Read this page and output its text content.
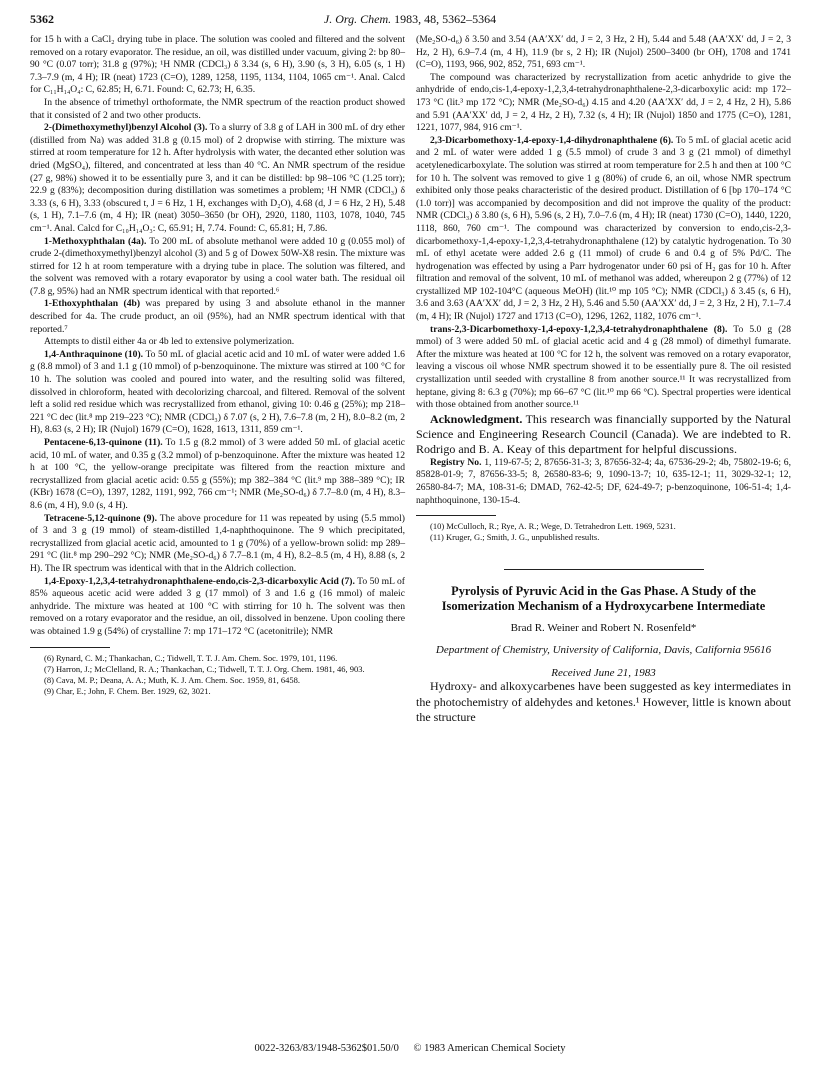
5362	J. Org. Chem. 1983, 48, 5362–5364

for 15 h with a CaCl₂ drying tube in place. The solution was cooled and filtered and the solvent removed on a rotary evaporator. The residue, an oil, was distilled under vacuum, giving 2: bp 80–90 °C (0.07 torr); 31.8 g (97%); ¹H NMR (CDCl₃) δ 3.34 (s, 6 H), 3.90 (s, 3 H), 6.05 (s, 1 H) 7.3–7.9 (m, 4 H); IR (neat) 1723 (C=O), 1289, 1258, 1195, 1134, 1104, 1065 cm⁻¹. Anal. Calcd for C₁₁H₁₄O₄: C, 62.85; H, 6.71. Found: C, 62.73; H, 6.35.

In the absence of trimethyl orthoformate, the NMR spectrum of the reaction product showed that it consisted of 2 and two other products.

2-(Dimethoxymethyl)benzyl Alcohol (3). To a slurry of 3.8 g of LAH in 300 mL of dry ether (distilled from Na) was added 31.8 g (0.15 mol) of 2 dropwise with stirring. The mixture was stirred at room temperature for 12 h. After hydrolysis with water, the decanted ether solution was dried (MgSO₄), filtered, and concentrated at less than 40 °C. An NMR spectrum of the residue (27 g, 98%) showed it to be essentially pure 3, and it can be distilled: bp 98–106 °C (1.25 torr); 22.9 g (83%); decomposition during distillation was sometimes a problem; ¹H NMR (CDCl₃) δ 3.33 (s, 6 H), 3.33 (obscured t, J = 6 Hz, 1 H, exchanges with D₂O), 4.68 (d, J = 6 Hz, 2 H), 5.48 (s, 1 H), 7.1–7.6 (m, 4 H); IR (neat) 3050–3650 (br OH), 2920, 1180, 1103, 1078, 1040, 745 cm⁻¹. Anal. Calcd for C₁₀H₁₄O₃: C, 65.91; H, 7.74. Found: C, 65.81; H, 7.86.

1-Methoxyphthalan (4a). To 200 mL of absolute methanol were added 10 g (0.055 mol) of crude 2-(dimethoxymethyl)benzyl alcohol (3) and 5 g of Dowex 50W-X8 resin. The mixture was stirred for 12 h at room temperature with a drying tube in place. The solution was filtered, and the solvent was removed with a rotary evaporator by using a cool water bath. The residual oil (7.8 g, 95%) had an NMR spectrum identical with that reported.⁶

1-Ethoxyphthalan (4b) was prepared by using 3 and absolute ethanol in the manner described for 4a. The crude product, an oil (95%), had an NMR spectrum identical with that reported.⁷

Attempts to distil either 4a or 4b led to extensive polymerization.

1,4-Anthraquinone (10). To 50 mL of glacial acetic acid and 10 mL of water were added 1.6 g (8.8 mmol) of 3 and 1.1 g (10 mmol) of p-benzoquinone. The mixture was stirred at 100 °C for 10 h. The solution was cooled and poured into water, and the resulting solid was filtered, dissolved in chloroform, heated with decolorizing charcoal, and filtered. Removal of the solvent left a solid red residue which was recrystallized from ethanol, giving 10: 0.46 g (25%); mp 218–221 °C dec (lit.⁸ mp 219–223 °C); NMR (CDCl₃) δ 7.07 (s, 2 H), 7.6–7.8 (m, 2 H), 8.0–8.2 (m, 2 H), 8.63 (s, 2 H); IR (Nujol) 1679 (C=O), 1628, 1613, 1311, 859 cm⁻¹.

Pentacene-6,13-quinone (11). To 1.5 g (8.2 mmol) of 3 were added 50 mL of glacial acetic acid, 10 mL of water, and 0.35 g (3.2 mmol) of p-benzoquinone. After the mixture was heated 12 h at 100 °C, the yellow-orange precipitate was filtered from the reaction mixture and recrystallized from glacial acetic acid: 0.55 g (55%); mp 382–384 °C (lit.⁹ mp 388–389 °C); IR (KBr) 1678 (C=O), 1397, 1282, 1191, 992, 766 cm⁻¹; NMR (Me₂SO-d₆) δ 7.7–8.0 (m, 4 H), 8.3–8.6 (m, 4 H), 9.0 (s, 4 H).

Tetracene-5,12-quinone (9). The above procedure for 11 was repeated by using (5.5 mmol) of 3 and 3 g (19 mmol) of steam-distilled 1,4-naphthoquinone. The 9 which precipitated, recrystallized from glacial acetic acid, amounted to 1 g (70%) of a yellow-brown solid: mp 289–291 °C (lit.⁸ mp 290–292 °C); NMR (Me₂SO-d₆) δ 7.7–8.1 (m, 4 H), 8.2–8.5 (m, 4 H), 8.88 (s, 2 H). The IR spectrum was identical with that in the Aldrich collection.

1,4-Epoxy-1,2,3,4-tetrahydronaphthalene-endo,cis-2,3-dicarboxylic Acid (7). To 50 mL of 85% aqueous acetic acid were added 3 g (17 mmol) of 3 and 1.6 g (16 mmol) of maleic anhydride. The mixture was heated at 100 °C with stirring for 10 h. The solvent was then removed on a rotary evaporator and the residue, an oil, dissolved in benzene. Upon cooling there was obtained 1.9 g (54%) of crystalline 7: mp 171–172 °C (acetonitrile); NMR

(6) Rynard, C. M.; Thankachan, C.; Tidwell, T. T. J. Am. Chem. Soc. 1979, 101, 1196.

(7) Harron, J.; McClelland, R. A.; Thankachan, C.; Tidwell, T. T. J. Org. Chem. 1981, 46, 903.

(8) Cava, M. P.; Deana, A. A.; Muth, K. J. Am. Chem. Soc. 1959, 81, 6458.

(9) Char, E.; John, F. Chem. Ber. 1929, 62, 3021.

(Me₂SO-d₆) δ 3.50 and 3.54 (AA′XX′ dd, J = 2, 3 Hz, 2 H), 5.44 and 5.48 (AA′XX′ dd, J = 2, 3 Hz, 2 H), 6.9–7.4 (m, 4 H), 11.9 (br s, 2 H); IR (Nujol) 2500–3400 (br OH), 1708 and 1741 (C=O), 1193, 966, 902, 852, 751, 693 cm⁻¹.

The compound was characterized by recrystallization from acetic anhydride to give the anhydride of endo,cis-1,4-epoxy-1,2,3,4-tetrahydronaphthalene-2,3-dicarboxylic acid: mp 172–173 °C (lit.³ mp 172 °C); NMR (Me₂SO-d₆) 4.15 and 4.20 (AA′XX′ dd, J = 2, 4 Hz, 2 H), 5.86 and 5.91 (AA′XX′ dd, J = 2, 4 Hz, 2 H), 7.32 (s, 4 H); IR (Nujol) 1850 and 1775 (C=O), 1281, 1221, 1077, 984, 916 cm⁻¹.

2,3-Dicarbomethoxy-1,4-epoxy-1,4-dihydronaphthalene (6). To 5 mL of glacial acetic acid and 2 mL of water were added 1 g (5.5 mmol) of crude 3 and 3 g (21 mmol) of dimethyl acetylenedicarboxylate. The solution was stirred at room temperature for 2.5 h and then at 100 °C for 10 h. The solvent was removed to give 1 g (80%) of crude 6, an oil, whose NMR spectrum exhibited only those peaks characteristic of the desired product. Distillation of 6 [bp 170–174 °C (1.0 torr)] was accompanied by decomposition and did not improve the quality of the product: NMR (CDCl₃) δ 3.80 (s, 6 H), 5.96 (s, 2 H), 7.0–7.6 (m, 4 H); IR (neat) 1730 (C=O), 1440, 1220, 1118, 860, 760 cm⁻¹. The compound was characterized by conversion to endo,cis-2,3-dicarbomethoxy-1,4-epoxy-1,2,3,4-tetrahydronaphthalene (12) by catalytic hydrogenation. To 30 mL of ethyl acetate were added 2.6 g (11 mmol) of crude 6 and 0.4 g of 5% Pd/C. The hydrogenation was effected by using a Parr hydrogenator under 60 psi of H₂ gas for 10 h. After filtration and removal of the solvent, 10 mL of methanol was added, whereupon 2 g (77%) of 12 crystallized MP 102-104°C (aqueous MeOH) (lit.¹⁰ mp 105 °C); NMR (CDCl₃) δ 3.45 (s, 6 H), 3.6 and 3.63 (AA′XX′ dd, J = 2, 3 Hz, 2 H), 5.46 and 5.50 (AA′XX′ dd, J = 2, 3 Hz, 2 H), 7.1–7.4 (m, 4 H); IR (Nujol) 1727 and 1713 (C=O), 1296, 1262, 1182, 1076 cm⁻¹.

trans-2,3-Dicarbomethoxy-1,4-epoxy-1,2,3,4-tetrahydronaphthalene (8). To 5.0 g (28 mmol) of 3 were added 50 mL of glacial acetic acid and 4 g (28 mmol) of dimethyl fumarate. After the mixture was heated at 100 °C for 12 h, the solvent was removed on a rotary evaporator, leaving a viscous oil whose NMR spectrum showed it to be essentially pure 8. The oil resisted crystallization until seeded with crystalline 8 from another source.¹¹ It was recrystallized from heptane, giving 8: 6.3 g (70%); mp 66–67 °C (lit.¹⁰ mp 66 °C). Spectral properties were identical with those obtained from another source.¹¹

Acknowledgment. This research was financially supported by the Natural Science and Engineering Research Council (Canada). We are indebted to R. Rodrigo and B. A. Keay of this department for helpful discussions.

Registry No. 1, 119-67-5; 2, 87656-31-3; 3, 87656-32-4; 4a, 67536-29-2; 4b, 75802-19-6; 6, 85828-01-9; 7, 87656-33-5; 8, 26580-83-6; 9, 1090-13-7; 10, 635-12-1; 11, 3029-32-1; 12, 26580-84-7; MA, 108-31-6; DMAD, 762-42-5; DF, 624-49-7; p-benzoquinone, 106-51-4; 1,4-naphthoquinone, 130-15-4.

(10) McCulloch, R.; Rye, A. R.; Wege, D. Tetrahedron Lett. 1969, 5231.

(11) Kruger, G.; Smith, J. G., unpublished results.

Pyrolysis of Pyruvic Acid in the Gas Phase. A Study of the Isomerization Mechanism of a Hydroxycarbene Intermediate
Brad R. Weiner and Robert N. Rosenfeld*
Department of Chemistry, University of California, Davis, California 95616
Received June 21, 1983

Hydroxy- and alkoxycarbenes have been suggested as key intermediates in the photochemistry of aldehydes and ketones.¹ However, little is known about the structure

0022-3263/83/1948-5362$01.50/0 © 1983 American Chemical Society
